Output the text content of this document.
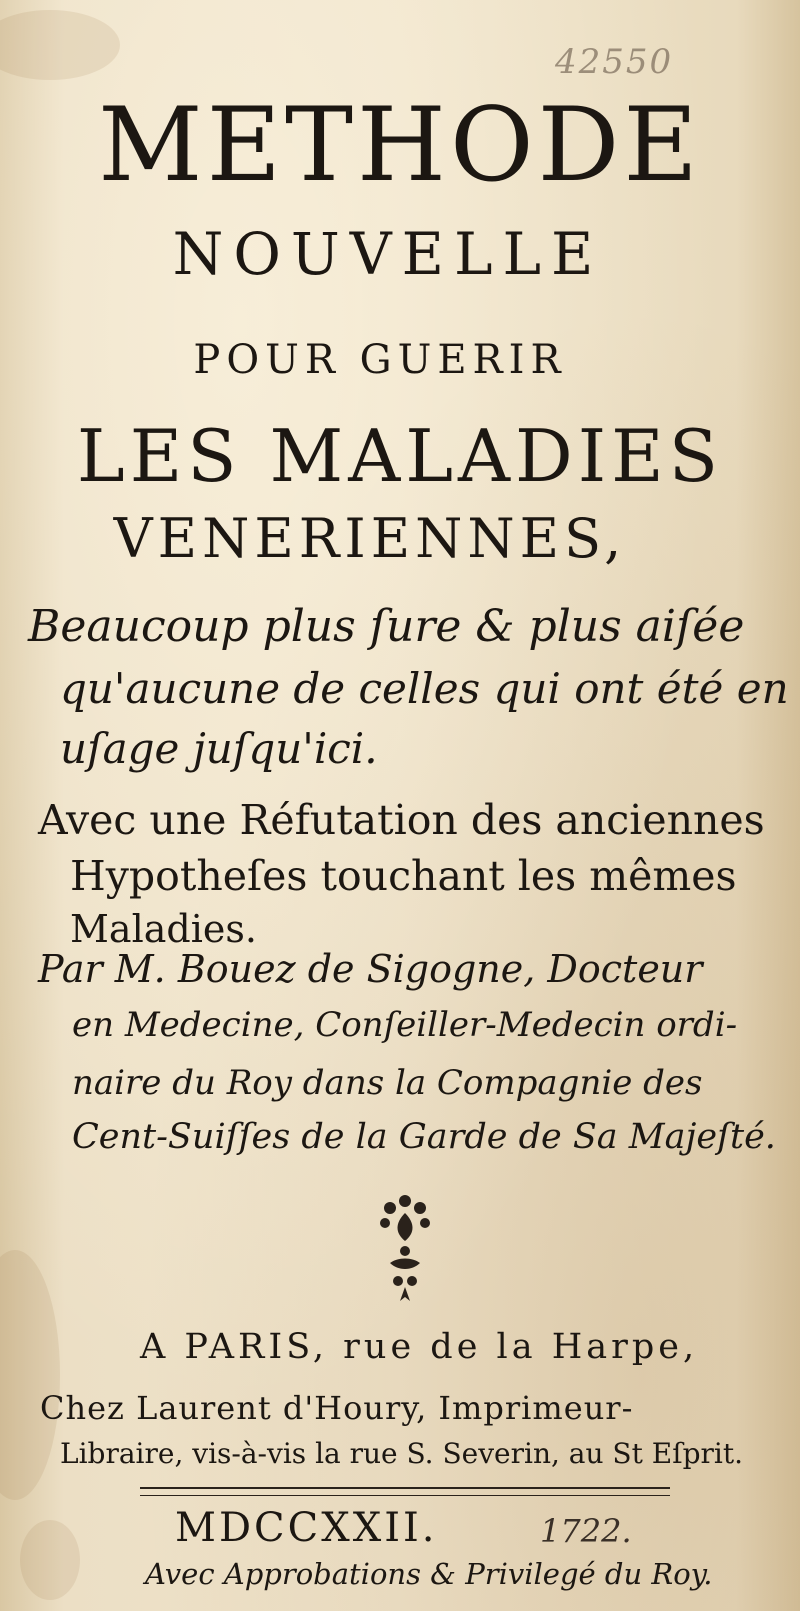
42550
METHODE
NOUVELLE
POUR GUERIR
LES MALADIES
VENERIENNES,
Beaucoup plus ſure & plus aiſée
qu'aucune de celles qui ont été en
uſage juſqu'ici.
Avec une Réfutation des anciennes
Hypotheſes touchant les mêmes
Maladies.
Par M. Bouez de Sigogne, Docteur
en Medecine, Conſeiller-Medecin ordi-
naire du Roy dans la Compagnie des
Cent-Suiſſes de la Garde de Sa Majeſté.
A PARIS, rue de la Harpe,
Chez Laurent d'Houry, Imprimeur-
Libraire, vis-à-vis la rue S. Severin, au St Eſprit.
MDCCXXII.	1722.
Avec Approbations & Privilegé du Roy.
